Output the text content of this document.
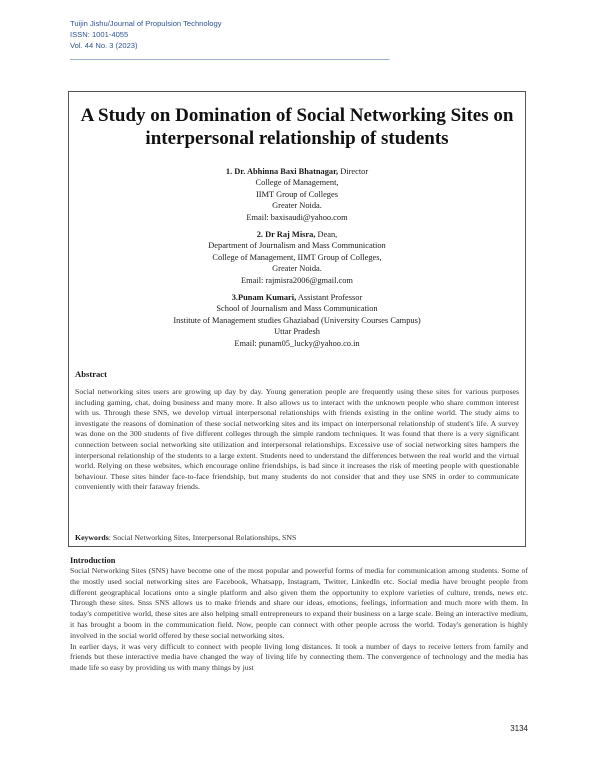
Tuijin Jishu/Journal of Propulsion Technology
ISSN: 1001-4055
Vol. 44 No. 3 (2023)
______________________________________________________________________________________________
A Study on Domination of Social Networking Sites on interpersonal relationship of students
1. Dr. Abhinna Baxi Bhatnagar, Director
College of Management,
IIMT Group of Colleges
Greater Noida.
Email: baxisaudi@yahoo.com
2. Dr Raj Misra, Dean,
Department of Journalism and Mass Communication
College of Management, IIMT Group of Colleges,
Greater Noida.
Email: rajmisra2006@gmail.com
3.Punam Kumari, Assistant Professor
School of Journalism and Mass Communication
Institute of Management studies Ghaziabad (University Courses Campus)
Uttar Pradesh
Email: punam05_lucky@yahoo.co.in
Abstract
Social networking sites users are growing up day by day. Young generation people are frequently using these sites for various purposes including gaming, chat, doing business and many more. It also allows us to interact with the unknown people who share common interest with us. Through these SNS, we develop virtual interpersonal relationships with friends existing in the online world. The study aims to investigate the reasons of domination of these social networking sites and its impact on interpersonal relationship of student's life. A survey was done on the 300 students of five different colleges through the simple random techniques. It was found that there is a very significant connection between social networking site utilization and interpersonal relationships. Excessive use of social networking sites hampers the interpersonal relationship of the students to a large extent. Students need to understand the differences between the real world and the virtual world. Relying on these websites, which encourage online friendships, is bad since it increases the risk of meeting people with questionable behaviour. These sites hinder face-to-face friendship, but many students do not consider that and they use SNS in order to communicate conveniently with their faraway friends.
Keywords: Social Networking Sites, Interpersonal Relationships, SNS
Introduction

Social Networking Sites (SNS) have become one of the most popular and powerful forms of media for communication among students. Some of the mostly used social networking sites are Facebook, Whatsapp, Instagram, Twitter, LinkedIn etc. Social media have brought people from different geographical locations onto a single platform and also given them the opportunity to explore varieties of culture, trends, news etc. Through these sites. Snss SNS allows us to make friends and share our ideas, emotions, feelings, information and much more with them. In today's competitive world, these sites are also helping small entrepreneurs to expand their business on a large scale. Being an interactive medium, it has brought a boom in the communication field. Now, people can connect with other people across the world. Today's generation is highly involved in the social world offered by these social networking sites.

In earlier days, it was very difficult to connect with people living long distances. It took a number of days to receive letters from family and friends but these interactive media have changed the way of living life by connecting them. The convergence of technology and the media has made life so easy by providing us with many things by just

3134
